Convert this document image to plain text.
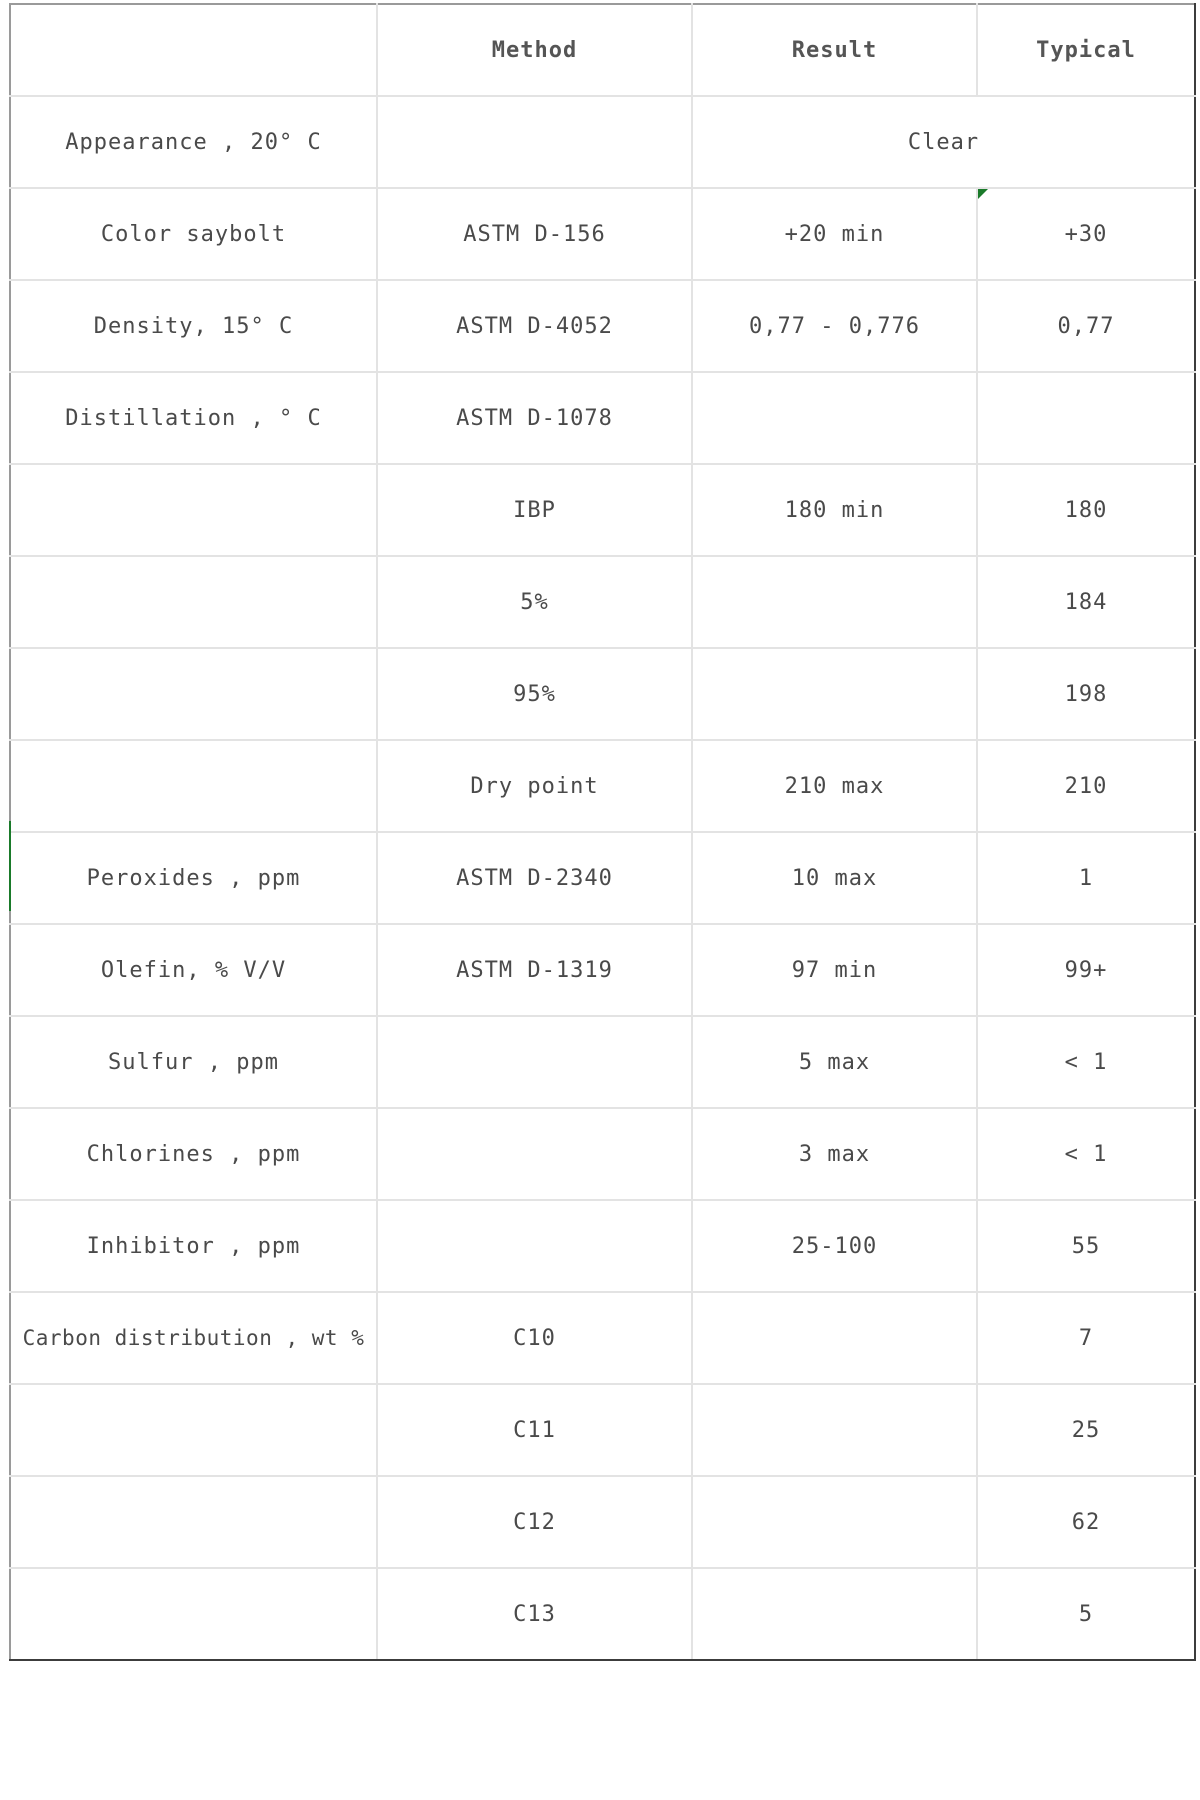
	Method	Result	Typical
Appearance , 20° C		Clear	
Color saybolt	ASTM D-156	+20 min	+30

Density, 15° C	ASTM D-4052	0,77 - 0,776	0,77
Distillation , ° C	ASTM D-1078		
	IBP	180 min	180
	5%		184
	95%		198
	Dry point	210 max	210
Peroxides , ppm	ASTM D-2340	10 max	1
Olefin, % V/V	ASTM D-1319	97 min	99+
Sulfur , ppm		5 max	< 1
Chlorines , ppm		3 max	< 1
Inhibitor , ppm		25-100	55
Carbon distribution , wt %	C10		7
	C11		25
	C12		62
	C13		5
